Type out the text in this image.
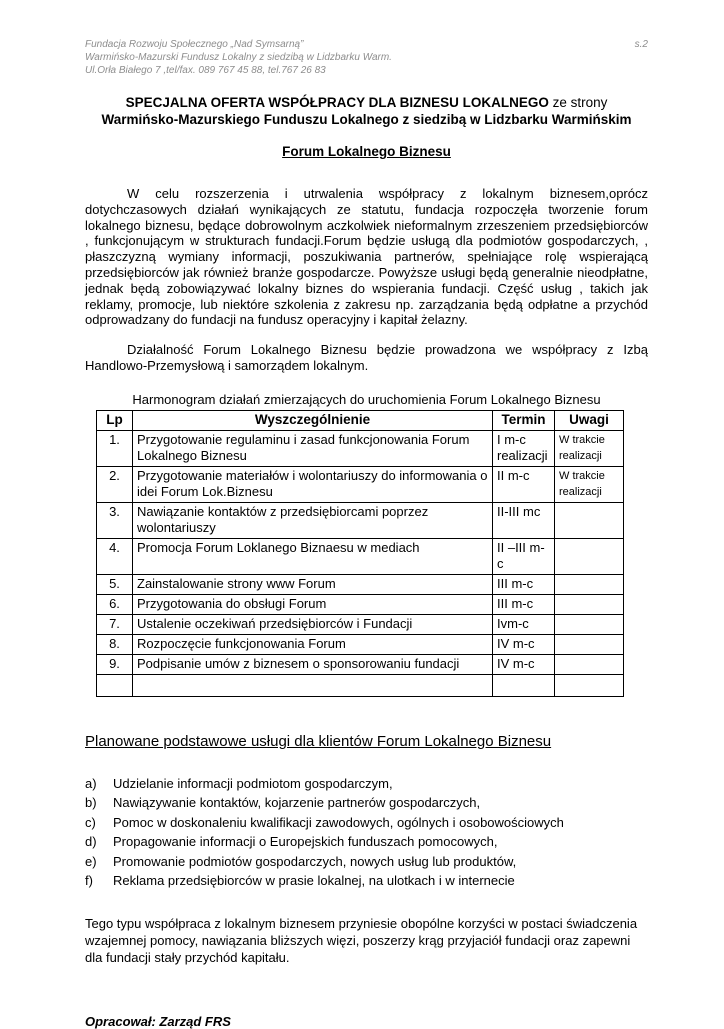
Fundacja Rozwoju Społecznego „Nad Symsarną”	s.2
Warmińsko-Mazurski Fundusz Lokalny z siedzibą w Lidzbarku Warm.
Ul.Orła Białego 7 ,tel/fax. 089 767 45 88, tel.767 26 83
SPECJALNA OFERTA WSPÓŁPRACY DLA BIZNESU LOKALNEGO ze strony
Warmińsko-Mazurskiego Funduszu Lokalnego z siedzibą w Lidzbarku Warmińskim
Forum Lokalnego Biznesu

W celu rozszerzenia i utrwalenia współpracy z lokalnym biznesem,oprócz dotychczasowych działań wynikających ze statutu, fundacja rozpoczęła tworzenie forum lokalnego biznesu, będące dobrowolnym aczkolwiek nieformalnym zrzeszeniem przedsiębiorców , funkcjonującym w strukturach fundacji.Forum będzie usługą dla podmiotów gospodarczych, , płaszczyzną wymiany informacji, poszukiwania partnerów, spełniające rolę wspierającą przedsiębiorców jak również branże gospodarcze. Powyższe usługi będą generalnie nieodpłatne, jednak będą zobowiązywać lokalny biznes do wspierania fundacji. Część usług , takich jak reklamy, promocje, lub niektóre szkolenia z zakresu np. zarządzania będą odpłatne a przychód odprowadzany do fundacji na fundusz operacyjny i kapitał żelazny.

Działalność Forum Lokalnego Biznesu będzie prowadzona we współpracy z Izbą Handlowo-Przemysłową i samorządem lokalnym.

Harmonogram działań zmierzających do uruchomienia Forum Lokalnego Biznesu
Lp	Wyszczególnienie	Termin	Uwagi
1.	Przygotowanie regulaminu i zasad funkcjonowania Forum Lokalnego Biznesu	I m-c realizacji	W trakcie realizacji
2.	Przygotowanie materiałów i wolontariuszy do informowania o idei Forum Lok.Biznesu	II m-c	W trakcie realizacji
3.	Nawiązanie kontaktów z przedsiębiorcami poprzez wolontariuszy	II-III mc	
4.	Promocja Forum Loklanego Biznaesu w mediach	II –III m-c	
5.	Zainstalowanie strony www Forum	III m-c	
6.	Przygotowania do obsługi Forum	III m-c	
7.	Ustalenie oczekiwań przedsiębiorców i Fundacji	Ivm-c	
8.	Rozpoczęcie funkcjonowania Forum	IV m-c	
9.	Podpisanie umów z biznesem o sponsorowaniu fundacji	IV m-c	

Planowane podstawowe usługi dla klientów Forum Lokalnego Biznesu
a)	Udzielanie informacji podmiotom gospodarczym,
b)	Nawiązywanie kontaktów, kojarzenie partnerów gospodarczych,
c)	Pomoc w doskonaleniu kwalifikacji zawodowych, ogólnych i osobowościowych
d)	Propagowanie informacji o Europejskich funduszach pomocowych,
e)	Promowanie podmiotów gospodarczych, nowych usług lub produktów,
f)	Reklama przedsiębiorców w prasie lokalnej, na ulotkach i w internecie

Tego typu współpraca z lokalnym biznesem przyniesie obopólne korzyści w postaci świadczenia wzajemnej pomocy, nawiązania bliższych więzi, poszerzy krąg przyjaciół fundacji oraz zapewni dla fundacji stały przychód kapitału.

Opracował: Zarząd FRS
